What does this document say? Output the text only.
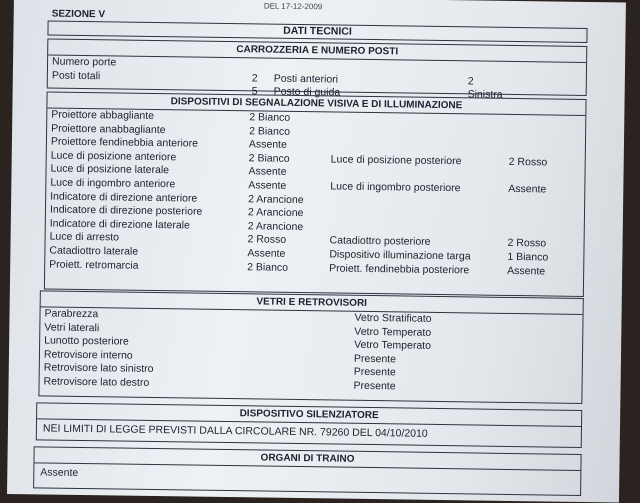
DEL 17-12-2009
SEZIONE V
DATI TECNICI
CARROZZERIA E NUMERO POSTI
Numero porte
Posti totali	2 Posti anteriori	2
5 Posto di guida	Sinistra
DISPOSITIVI DI SEGNALAZIONE VISIVA E DI ILLUMINAZIONE
Proiettore abbagliante	2 Bianco
Proiettore anabbagliante	2 Bianco
Proiettore fendinebbia anteriore	Assente
Luce di posizione anteriore	2 Bianco	Luce di posizione posteriore	2 Rosso
Luce di posizione laterale	Assente
Luce di ingombro anteriore	Assente	Luce di ingombro posteriore	Assente
Indicatore di direzione anteriore	2 Arancione
Indicatore di direzione posteriore	2 Arancione
Indicatore di direzione laterale	2 Arancione
Luce di arresto	2 Rosso	Catadiottro posteriore	2 Rosso
Catadiottro laterale	Assente	Dispositivo illuminazione targa	1 Bianco
Proiett. retromarcia	2 Bianco	Proiett. fendinebbia posteriore	Assente
VETRI E RETROVISORI
Parabrezza	Vetro Stratificato
Vetri laterali	Vetro Temperato
Lunotto posteriore	Vetro Temperato
Retrovisore interno	Presente
Retrovisore lato sinistro	Presente
Retrovisore lato destro	Presente
DISPOSITIVO SILENZIATORE
NEI LIMITI DI LEGGE PREVISTI DALLA CIRCOLARE NR. 79260 DEL 04/10/2010
ORGANI DI TRAINO
Assente
